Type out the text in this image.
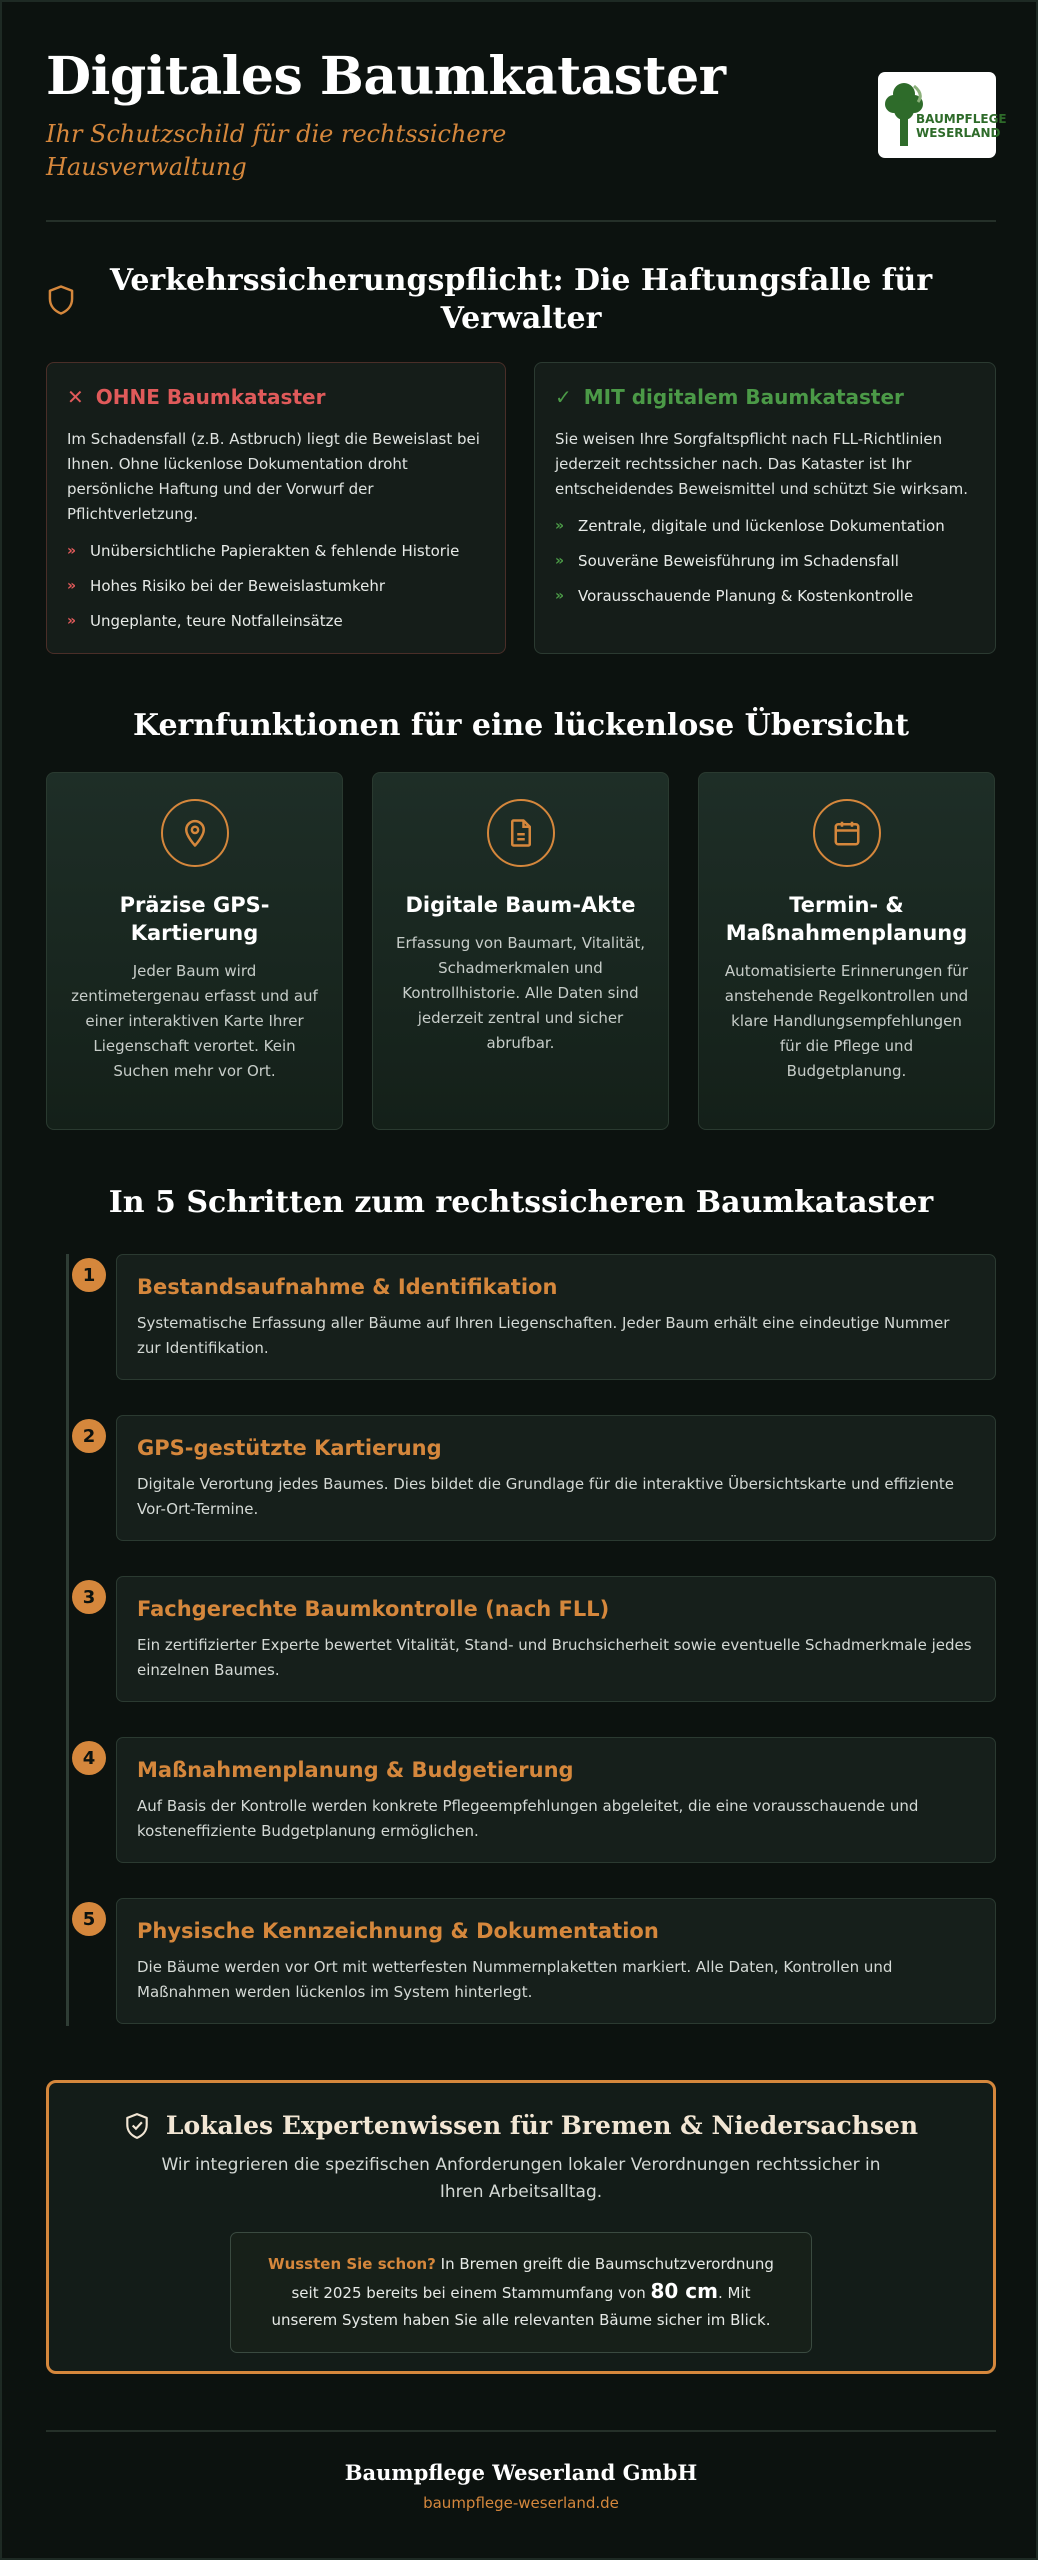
Digitales Baumkataster
Ihr Schutzschild für die rechtssichere Hausverwaltung
BAUMPFLEGE
WESERLAND
Verkehrssicherungspflicht: Die Haftungsfalle für Verwalter
✕ OHNE Baumkataster
Im Schadensfall (z.B. Astbruch) liegt die Beweislast bei Ihnen. Ohne lückenlose Dokumentation droht persönliche Haftung und der Vorwurf der Pflichtverletzung.
» Unübersichtliche Papierakten & fehlende Historie
» Hohes Risiko bei der Beweislastumkehr
» Ungeplante, teure Notfalleinsätze
✓ MIT digitalem Baumkataster
Sie weisen Ihre Sorgfaltspflicht nach FLL-Richtlinien jederzeit rechtssicher nach. Das Kataster ist Ihr entscheidendes Beweismittel und schützt Sie wirksam.
» Zentrale, digitale und lückenlose Dokumentation
» Souveräne Beweisführung im Schadensfall
» Vorausschauende Planung & Kostenkontrolle
Kernfunktionen für eine lückenlose Übersicht
Präzise GPS-Kartierung
Jeder Baum wird zentimetergenau erfasst und auf einer interaktiven Karte Ihrer Liegenschaft verortet. Kein Suchen mehr vor Ort.
Digitale Baum-Akte
Erfassung von Baumart, Vitalität, Schadmerkmalen und Kontrollhistorie. Alle Daten sind jederzeit zentral und sicher abrufbar.
Termin- & Maßnahmenplanung
Automatisierte Erinnerungen für anstehende Regelkontrollen und klare Handlungsempfehlungen für die Pflege und Budgetplanung.
In 5 Schritten zum rechtssicheren Baumkataster
1	Bestandsaufnahme & Identifikation
Systematische Erfassung aller Bäume auf Ihren Liegenschaften. Jeder Baum erhält eine eindeutige Nummer zur Identifikation.
2	GPS-gestützte Kartierung
Digitale Verortung jedes Baumes. Dies bildet die Grundlage für die interaktive Übersichtskarte und effiziente Vor-Ort-Termine.
3	Fachgerechte Baumkontrolle (nach FLL)
Ein zertifizierter Experte bewertet Vitalität, Stand- und Bruchsicherheit sowie eventuelle Schadmerkmale jedes einzelnen Baumes.
4	Maßnahmenplanung & Budgetierung
Auf Basis der Kontrolle werden konkrete Pflegeempfehlungen abgeleitet, die eine vorausschauende und kosteneffiziente Budgetplanung ermöglichen.
5	Physische Kennzeichnung & Dokumentation
Die Bäume werden vor Ort mit wetterfesten Nummernplaketten markiert. Alle Daten, Kontrollen und Maßnahmen werden lückenlos im System hinterlegt.
Lokales Expertenwissen für Bremen & Niedersachsen
Wir integrieren die spezifischen Anforderungen lokaler Verordnungen rechtssicher in Ihren Arbeitsalltag.
Wussten Sie schon? In Bremen greift die Baumschutzverordnung seit 2025 bereits bei einem Stammumfang von 80 cm. Mit unserem System haben Sie alle relevanten Bäume sicher im Blick.
Baumpflege Weserland GmbH
baumpflege-weserland.de
